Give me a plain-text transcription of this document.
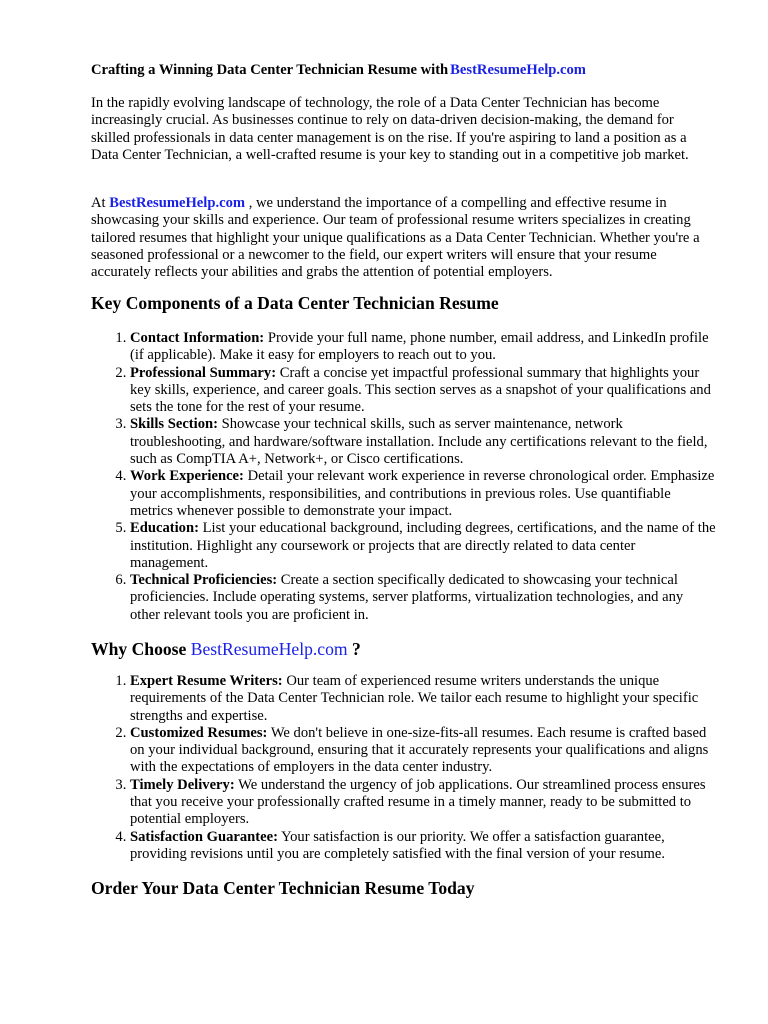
Crafting a Winning Data Center Technician Resume with BestResumeHelp.com

In the rapidly evolving landscape of technology, the role of a Data Center Technician has become increasingly crucial. As businesses continue to rely on data-driven decision-making, the demand for skilled professionals in data center management is on the rise. If you're aspiring to land a position as a Data Center Technician, a well-crafted resume is your key to standing out in a competitive job market.

At BestResumeHelp.com , we understand the importance of a compelling and effective resume in showcasing your skills and experience. Our team of professional resume writers specializes in creating tailored resumes that highlight your unique qualifications as a Data Center Technician. Whether you're a seasoned professional or a newcomer to the field, our expert writers will ensure that your resume accurately reflects your abilities and grabs the attention of potential employers.

Key Components of a Data Center Technician Resume
1. Contact Information: Provide your full name, phone number, email address, and LinkedIn profile (if applicable). Make it easy for employers to reach out to you.
2. Professional Summary: Craft a concise yet impactful professional summary that highlights your key skills, experience, and career goals. This section serves as a snapshot of your qualifications and sets the tone for the rest of your resume.
3. Skills Section: Showcase your technical skills, such as server maintenance, network troubleshooting, and hardware/software installation. Include any certifications relevant to the field, such as CompTIA A+, Network+, or Cisco certifications.
4. Work Experience: Detail your relevant work experience in reverse chronological order. Emphasize your accomplishments, responsibilities, and contributions in previous roles. Use quantifiable metrics whenever possible to demonstrate your impact.
5. Education: List your educational background, including degrees, certifications, and the name of the institution. Highlight any coursework or projects that are directly related to data center management.
6. Technical Proficiencies: Create a section specifically dedicated to showcasing your technical proficiencies. Include operating systems, server platforms, virtualization technologies, and any other relevant tools you are proficient in.
Why Choose BestResumeHelp.com ?
1. Expert Resume Writers: Our team of experienced resume writers understands the unique requirements of the Data Center Technician role. We tailor each resume to highlight your specific strengths and expertise.
2. Customized Resumes: We don't believe in one-size-fits-all resumes. Each resume is crafted based on your individual background, ensuring that it accurately represents your qualifications and aligns with the expectations of employers in the data center industry.
3. Timely Delivery: We understand the urgency of job applications. Our streamlined process ensures that you receive your professionally crafted resume in a timely manner, ready to be submitted to potential employers.
4. Satisfaction Guarantee: Your satisfaction is our priority. We offer a satisfaction guarantee, providing revisions until you are completely satisfied with the final version of your resume.
Order Your Data Center Technician Resume Today
